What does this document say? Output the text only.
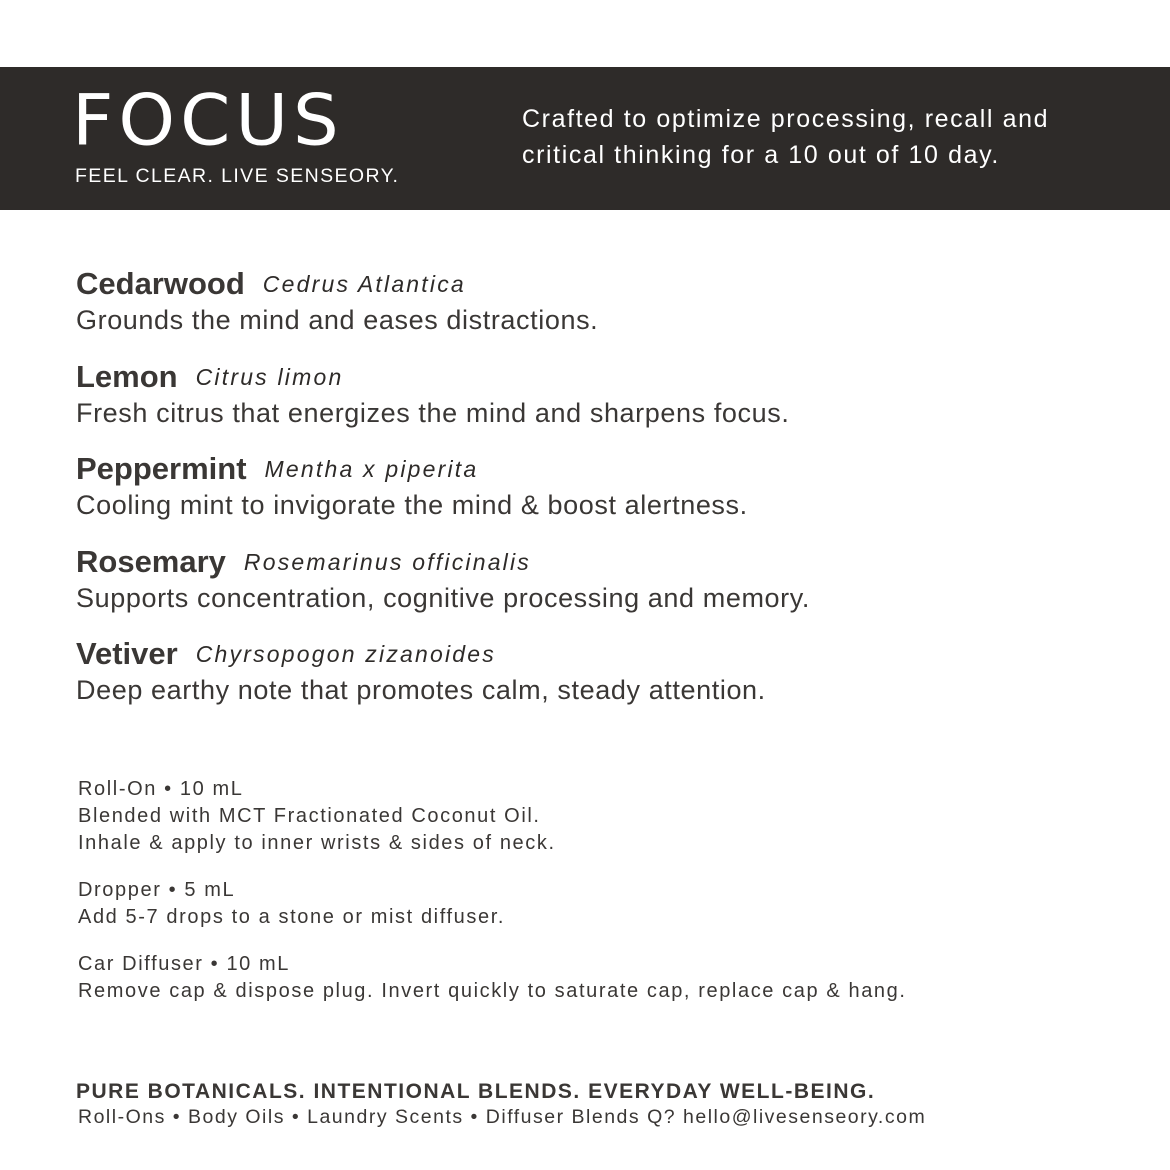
FOCUS
FEEL CLEAR. LIVE SENSEORY.
Crafted to optimize processing, recall and
critical thinking for a 10 out of 10 day.
Cedarwood Cedrus Atlantica
Grounds the mind and eases distractions.
Lemon Citrus limon
Fresh citrus that energizes the mind and sharpens focus.
Peppermint Mentha x piperita
Cooling mint to invigorate the mind & boost alertness.
Rosemary Rosemarinus officinalis
Supports concentration, cognitive processing and memory.
Vetiver Chyrsopogon zizanoides
Deep earthy note that promotes calm, steady attention.
Roll-On • 10 mL
Blended with MCT Fractionated Coconut Oil.
Inhale & apply to inner wrists & sides of neck.
Dropper • 5 mL
Add 5-7 drops to a stone or mist diffuser.
Car Diffuser • 10 mL
Remove cap & dispose plug. Invert quickly to saturate cap, replace cap & hang.
PURE BOTANICALS. INTENTIONAL BLENDS. EVERYDAY WELL-BEING.
Roll-Ons • Body Oils • Laundry Scents • Diffuser Blends Q? hello@livesenseory.com
